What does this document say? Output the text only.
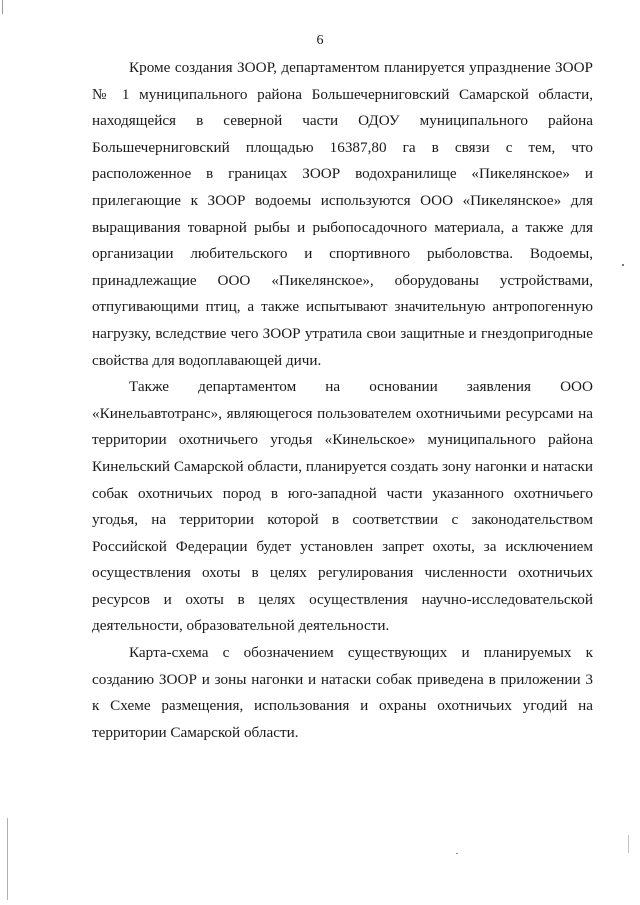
6

Кроме создания ЗООР, департаментом планируется упразднение ЗООР № 1 муниципального района Большечерниговский Самарской области, находящейся в северной части ОДОУ муниципального района Большечерниговский площадью 16387,80 га в связи с тем, что расположенное в границах ЗООР водохранилище «Пикелянское» и прилегающие к ЗООР водоемы используются ООО «Пикелянское» для выращивания товарной рыбы и рыбопосадочного материала, а также для организации любительского и спортивного рыболовства. Водоемы, принадлежащие ООО «Пикелянское», оборудованы устройствами, отпугивающими птиц, а также испытывают значительную антропогенную нагрузку, вследствие чего ЗООР утратила свои защитные и гнездопригодные свойства для водоплавающей дичи.

Также департаментом на основании заявления ООО «Кинельавтотранс», являющегося пользователем охотничьими ресурсами на территории охотничьего угодья «Кинельское» муниципального района Кинельский Самарской области, планируется создать зону нагонки и натаски собак охотничьих пород в юго-западной части указанного охотничьего угодья, на территории которой в соответствии с законодательством Российской Федерации будет установлен запрет охоты, за исключением осуществления охоты в целях регулирования численности охотничьих ресурсов и охоты в целях осуществления научно-исследовательской деятельности, образовательной деятельности.

Карта-схема с обозначением существующих и планируемых к созданию ЗООР и зоны нагонки и натаски собак приведена в приложении 3 к Схеме размещения, использования и охраны охотничьих угодий на территории Самарской области.
